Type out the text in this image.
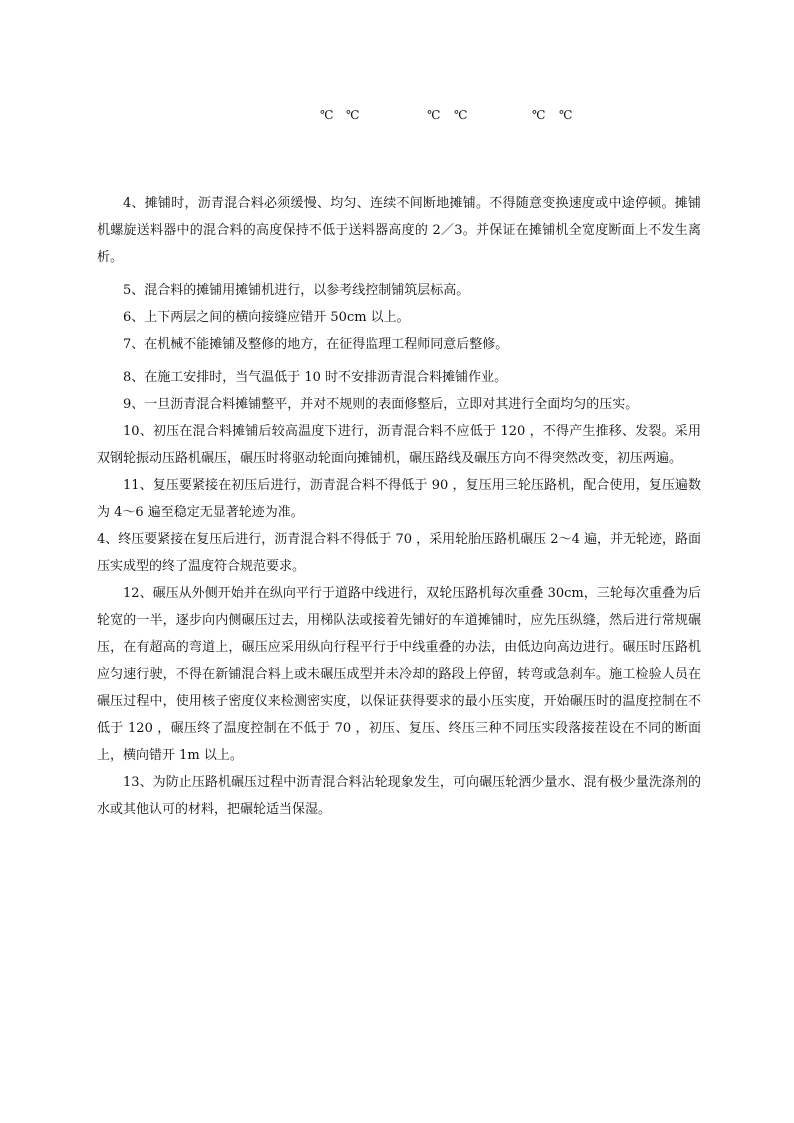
℃ ℃	℃ ℃	℃ ℃

4、摊铺时，沥青混合料必须缓慢、均匀、连续不间断地摊铺。不得随意变换速度或中途停顿。摊铺机螺旋送料器中的混合料的高度保持不低于送料器高度的 2／3。并保证在摊铺机全宽度断面上不发生离析。

5、混合料的摊铺用摊铺机进行，以参考线控制铺筑层标高。

6、上下两层之间的横向接缝应错开 50cm 以上。

7、在机械不能摊铺及整修的地方，在征得监理工程师同意后整修。

8、在施工安排时，当气温低于 10 时不安排沥青混合料摊铺作业。

9、一旦沥青混合料摊铺整平，并对不规则的表面修整后，立即对其进行全面均匀的压实。

10、初压在混合料摊铺后较高温度下进行，沥青混合料不应低于 120 ，不得产生推移、发裂。采用双钢轮振动压路机碾压，碾压时将驱动轮面向摊铺机，碾压路线及碾压方向不得突然改变，初压两遍。

11、复压要紧接在初压后进行，沥青混合料不得低于 90 ，复压用三轮压路机，配合使用，复压遍数为 4～6 遍至稳定无显著轮迹为准。

4、终压要紧接在复压后进行，沥青混合料不得低于 70 ，采用轮胎压路机碾压 2～4 遍，并无轮迹，路面压实成型的终了温度符合规范要求。

12、碾压从外侧开始并在纵向平行于道路中线进行，双轮压路机每次重叠 30cm，三轮每次重叠为后轮宽的一半，逐步向内侧碾压过去，用梯队法或接着先铺好的车道摊铺时，应先压纵缝，然后进行常规碾压，在有超高的弯道上，碾压应采用纵向行程平行于中线重叠的办法，由低边向高边进行。碾压时压路机应匀速行驶，不得在新铺混合料上或未碾压成型并未冷却的路段上停留，转弯或急刹车。施工检验人员在碾压过程中，使用核子密度仪来检测密实度，以保证获得要求的最小压实度，开始碾压时的温度控制在不低于 120 ，碾压终了温度控制在不低于 70 ，初压、复压、终压三种不同压实段落接茬设在不同的断面上，横向错开 1m 以上。

13、为防止压路机碾压过程中沥青混合料沾轮现象发生，可向碾压轮洒少量水、混有极少量洗涤剂的水或其他认可的材料，把碾轮适当保湿。
